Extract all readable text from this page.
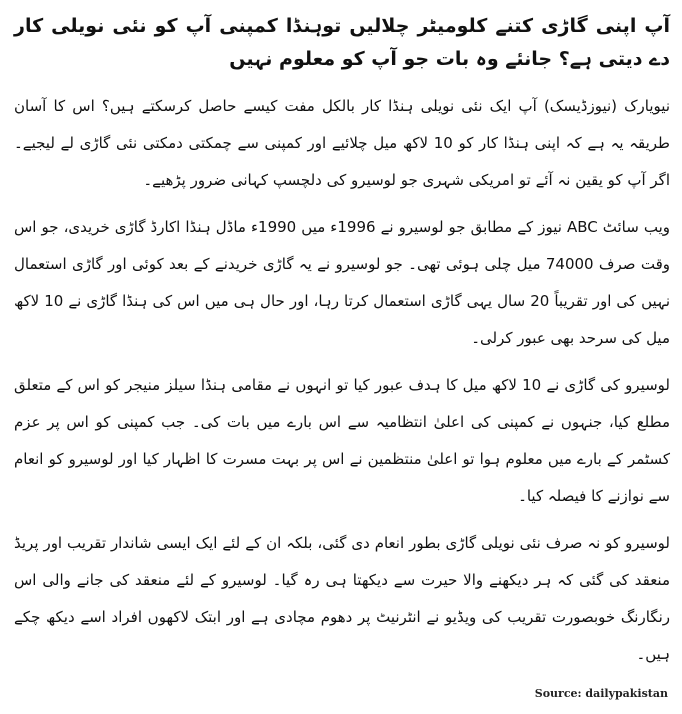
آپ اپنی گاڑی کتنے کلومیٹر چلالیں توہنڈا کمپنی آپ کو نئی نویلی کار دے دیتی ہے؟ جانئے وہ بات جو آپ کو معلوم نہیں

نیویارک (نیوزڈیسک) آپ ایک نئی نویلی ہنڈا کار بالکل مفت کیسے حاصل کرسکتے ہیں؟ اس کا آسان طریقہ یہ ہے کہ اپنی ہنڈا کار کو 10 لاکھ میل چلائیے اور کمپنی سے چمکتی دمکتی نئی گاڑی لے لیجیے۔ اگر آپ کو یقین نہ آئے تو امریکی شہری جو لوسیرو کی دلچسپ کہانی ضرور پڑھیے۔

ویب سائٹ ABC نیوز کے مطابق جو لوسیرو نے 1996ء میں 1990ء ماڈل ہنڈا اکارڈ گاڑی خریدی، جو اس وقت صرف 74000 میل چلی ہوئی تھی۔ جو لوسیرو نے یہ گاڑی خریدنے کے بعد کوئی اور گاڑی استعمال نہیں کی اور تقریباً 20 سال یہی گاڑی استعمال کرتا رہا، اور حال ہی میں اس کی ہنڈا گاڑی نے 10 لاکھ میل کی سرحد بھی عبور کرلی۔

لوسیرو کی گاڑی نے 10 لاکھ میل کا ہدف عبور کیا تو انہوں نے مقامی ہنڈا سیلز منیجر کو اس کے متعلق مطلع کیا، جنہوں نے کمپنی کی اعلیٰ انتظامیہ سے اس بارے میں بات کی۔ جب کمپنی کو اس پر عزم کسٹمر کے بارے میں معلوم ہوا تو اعلیٰ منتظمین نے اس پر بہت مسرت کا اظہار کیا اور لوسیرو کو انعام سے نوازنے کا فیصلہ کیا۔

لوسیرو کو نہ صرف نئی نویلی گاڑی بطور انعام دی گئی، بلکہ ان کے لئے ایک ایسی شاندار تقریب اور پریڈ منعقد کی گئی کہ ہر دیکھنے والا حیرت سے دیکھتا ہی رہ گیا۔ لوسیرو کے لئے منعقد کی جانے والی اس رنگارنگ خوبصورت تقریب کی ویڈیو نے انٹرنیٹ پر دھوم مچادی ہے اور ابتک لاکھوں افراد اسے دیکھ چکے ہیں۔

Source: dailypakistan
